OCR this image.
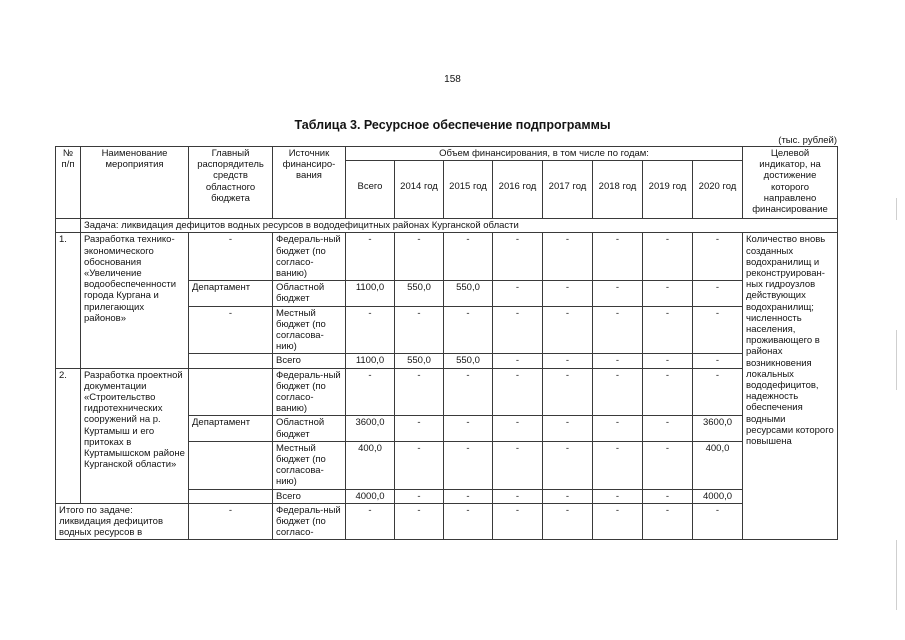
158
Таблица 3. Ресурсное обеспечение подпрограммы
(тыс. рублей)
№ п/п	Наименование мероприятия	Главный распорядитель средств областного бюджета	Источник финансиро-вания	Объем финансирования, в том числе по годам:								Целевой индикатор, на достижение которого направлено финансирование
				Всего	2014 год	2015 год	2016 год	2017 год	2018 год	2019 год	2020 год	
	Задача: ликвидация дефицитов водных ресурсов в вододефицитных районах Курганской области											
1.	Разработка технико-экономического обоснования «Увеличение водообеспеченности города Кургана и прилегающих районов»	-	Федераль-ный бюджет (по согласо-ванию)	-	-	-	-	-	-	-	-	Количество вновь созданных водохранилищ и реконструирован-ных гидроузлов действующих водохранилищ; численность населения, проживающего в районах возникновения локальных вододефицитов, надежность обеспечения водными ресурсами которого повышена
		Департамент	Областной бюджет	1100,0	550,0	550,0	-	-	-	-	-	
		-	Местный бюджет (по согласова-нию)	-	-	-	-	-	-	-	-	
			Всего	1100,0	550,0	550,0	-	-	-	-	-	
2.	Разработка проектной документации «Строительство гидротехнических сооружений на р. Куртамыш и его притоках в Куртамышском районе Курганской области»		Федераль-ный бюджет (по согласо-ванию)	-	-	-	-	-	-	-	-	
		Департамент	Областной бюджет	3600,0	-	-	-	-	-	-	3600,0	
			Местный бюджет (по согласова-нию)	400,0	-	-	-	-	-	-	400,0	
			Всего	4000,0	-	-	-	-	-	-	4000,0	
Итого по задаче: ликвидация дефицитов водных ресурсов в		-	Федераль-ный бюджет (по согласо-	-	-	-	-	-	-	-	-	
